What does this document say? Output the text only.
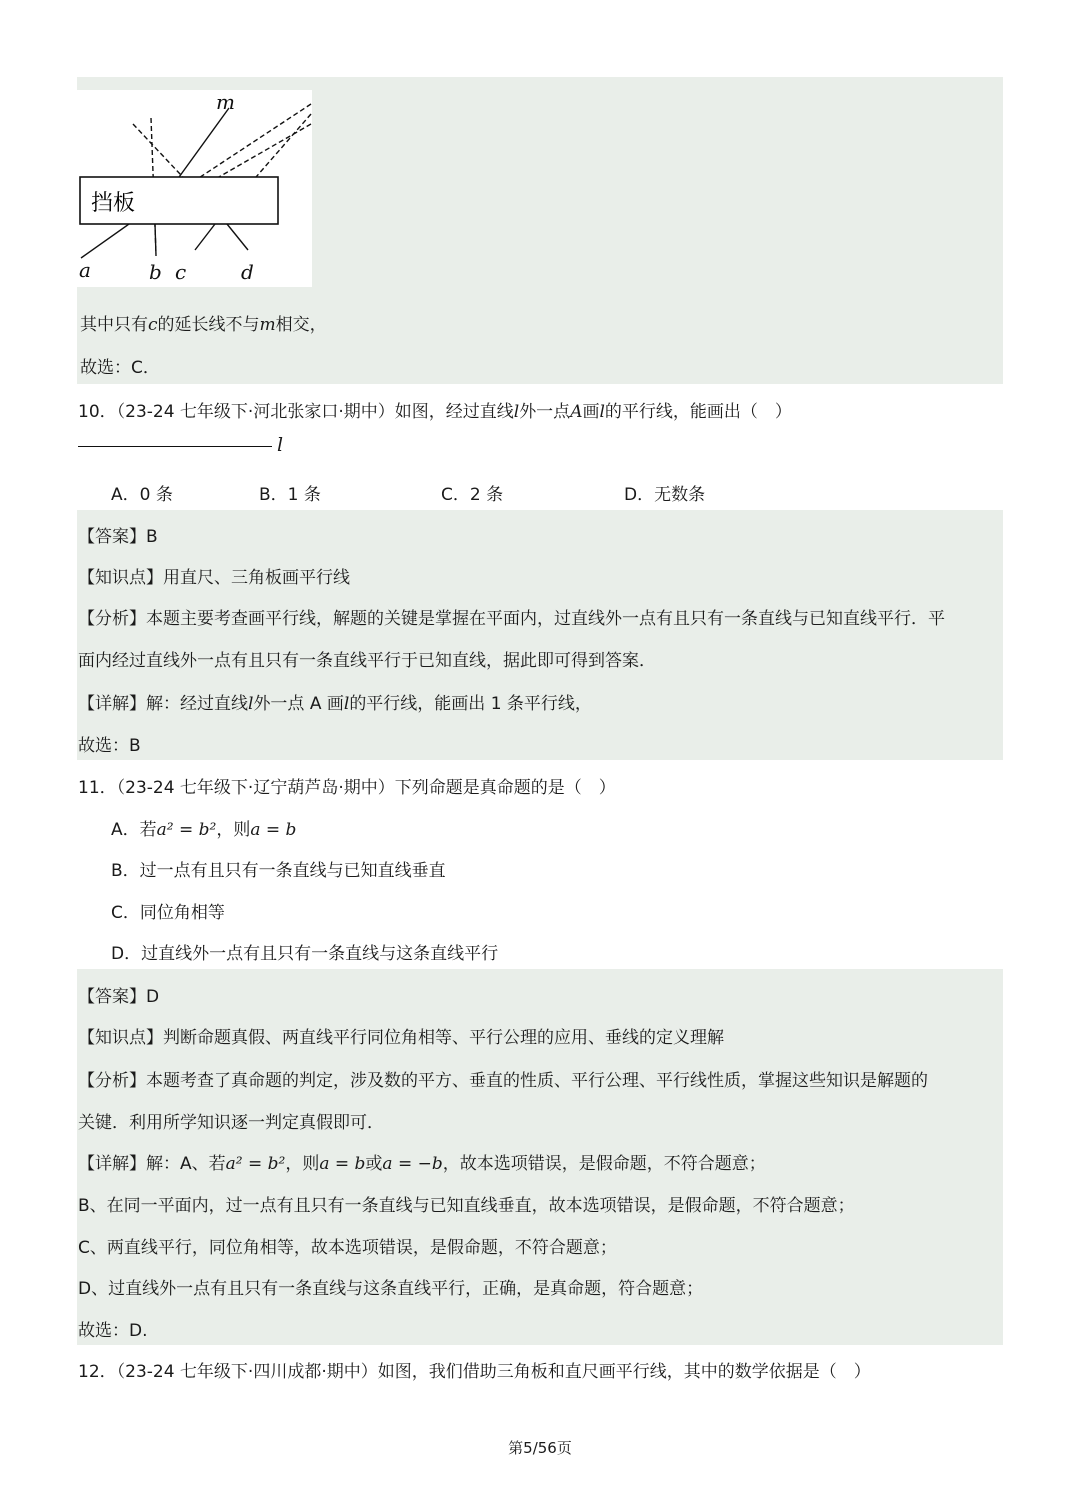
挡板
m
a	b c	d
其中只有c的延长线不与m相交，
故选：C．
10．（23-24 七年级下·河北张家口·期中）如图，经过直线l外一点A画l的平行线，能画出（　）
l
A．0 条	B．1 条	C．2 条	D．无数条
【答案】B
【知识点】用直尺、三角板画平行线
【分析】本题主要考查画平行线，解题的关键是掌握在平面内，过直线外一点有且只有一条直线与已知直线平行．平
面内经过直线外一点有且只有一条直线平行于已知直线，据此即可得到答案．
【详解】解：经过直线l外一点 A 画l的平行线，能画出 1 条平行线，
故选：B
11．（23-24 七年级下·辽宁葫芦岛·期中）下列命题是真命题的是（　）
A．若a² = b²，则a = b
B．过一点有且只有一条直线与已知直线垂直
C．同位角相等
D．过直线外一点有且只有一条直线与这条直线平行
【答案】D
【知识点】判断命题真假、两直线平行同位角相等、平行公理的应用、垂线的定义理解
【分析】本题考查了真命题的判定，涉及数的平方、垂直的性质、平行公理、平行线性质，掌握这些知识是解题的
关键．利用所学知识逐一判定真假即可．
【详解】解：A、若a² = b²，则a = b或a = −b，故本选项错误，是假命题，不符合题意；
B、在同一平面内，过一点有且只有一条直线与已知直线垂直，故本选项错误，是假命题，不符合题意；
C、两直线平行，同位角相等，故本选项错误，是假命题，不符合题意；
D、过直线外一点有且只有一条直线与这条直线平行，正确，是真命题，符合题意；
故选：D.
12．（23-24 七年级下·四川成都·期中）如图，我们借助三角板和直尺画平行线，其中的数学依据是（　）
第5/56页
